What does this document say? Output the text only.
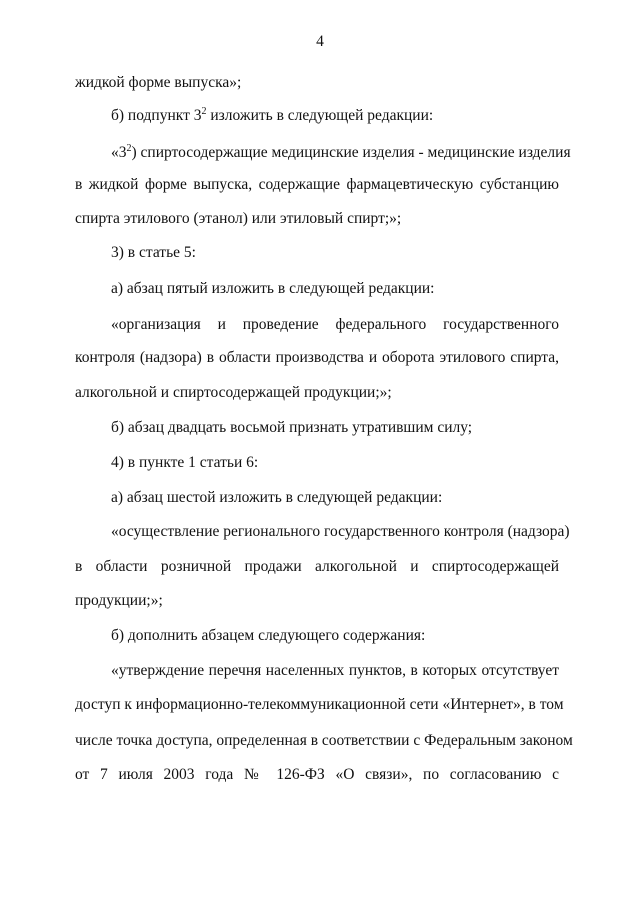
4
жидкой форме выпуска»;
б) подпункт $3^2$ изложить в следующей редакции:
«$3^2$) спиртосодержащие медицинские изделия - медицинские изделия
в жидкой форме выпуска, содержащие фармацевтическую субстанцию
спирта этилового (этанол) или этиловый спирт;»;
3) в статье 5:
а) абзац пятый изложить в следующей редакции:
«организация и проведение федерального государственного
контроля (надзора) в области производства и оборота этилового спирта,
алкогольной и спиртосодержащей продукции;»;
б) абзац двадцать восьмой признать утратившим силу;
4) в пункте 1 статьи 6:
а) абзац шестой изложить в следующей редакции:
«осуществление регионального государственного контроля (надзора)
в области розничной продажи алкогольной и спиртосодержащей
продукции;»;
б) дополнить абзацем следующего содержания:
«утверждение перечня населенных пунктов, в которых отсутствует
доступ к информационно-телекоммуникационной сети «Интернет», в том
числе точка доступа, определенная в соответствии с Федеральным законом
от 7 июля 2003 года № 126-ФЗ «О связи», по согласованию с
